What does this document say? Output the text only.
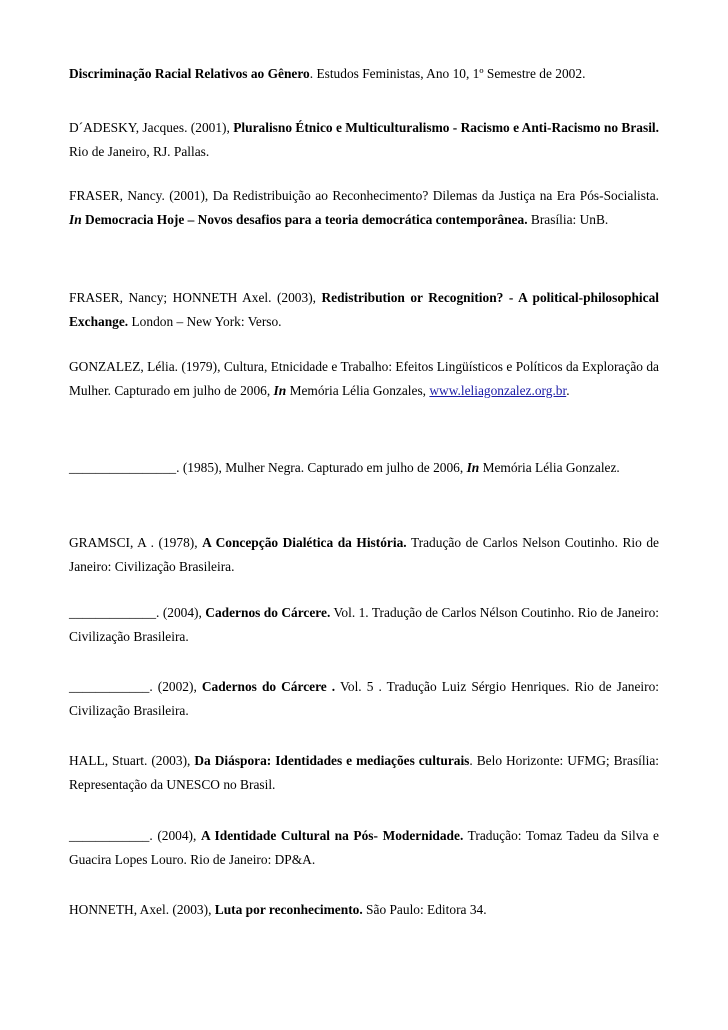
Discriminação Racial Relativos ao Gênero. Estudos Feministas, Ano 10, 1º Semestre de 2002.

D´ADESKY, Jacques. (2001), Pluralisno Étnico e Multiculturalismo - Racismo e Anti-Racismo no Brasil. Rio de Janeiro, RJ. Pallas.

FRASER, Nancy. (2001), Da Redistribuição ao Reconhecimento? Dilemas da Justiça na Era Pós-Socialista. In Democracia Hoje – Novos desafios para a teoria democrática contemporânea. Brasília: UnB.

FRASER, Nancy; HONNETH Axel. (2003), Redistribution or Recognition? - A political-philosophical Exchange. London – New York: Verso.

GONZALEZ, Lélia. (1979), Cultura, Etnicidade e Trabalho: Efeitos Lingüísticos e Políticos da Exploração da Mulher. Capturado em julho de 2006, In Memória Lélia Gonzales, www.leliagonzalez.org.br.

________________. (1985), Mulher Negra. Capturado em julho de 2006, In Memória Lélia Gonzalez.

GRAMSCI, A . (1978), A Concepção Dialética da História. Tradução de Carlos Nelson Coutinho. Rio de Janeiro: Civilização Brasileira.

_____________. (2004), Cadernos do Cárcere. Vol. 1. Tradução de Carlos Nélson Coutinho. Rio de Janeiro: Civilização Brasileira.

____________. (2002), Cadernos do Cárcere . Vol. 5 . Tradução Luiz Sérgio Henriques. Rio de Janeiro: Civilização Brasileira.

HALL, Stuart. (2003), Da Diáspora: Identidades e mediações culturais. Belo Horizonte: UFMG; Brasília: Representação da UNESCO no Brasil.

____________. (2004), A Identidade Cultural na Pós- Modernidade. Tradução: Tomaz Tadeu da Silva e Guacira Lopes Louro. Rio de Janeiro: DP&A.

HONNETH, Axel. (2003), Luta por reconhecimento. São Paulo: Editora 34.
